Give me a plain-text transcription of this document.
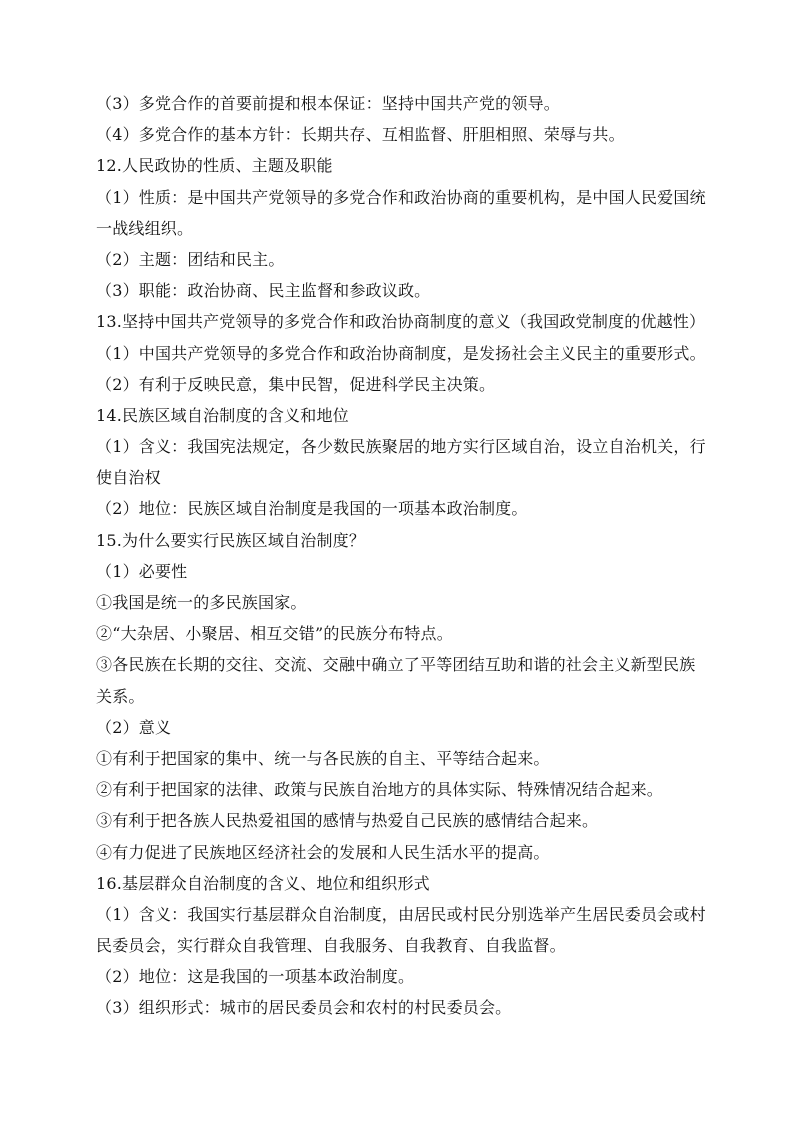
（3）多党合作的首要前提和根本保证：坚持中国共产党的领导。
（4）多党合作的基本方针：长期共存、互相监督、肝胆相照、荣辱与共。
12.人民政协的性质、主题及职能
（1）性质：是中国共产党领导的多党合作和政治协商的重要机构，是中国人民爱国统
一战线组织。
（2）主题：团结和民主。
（3）职能：政治协商、民主监督和参政议政。
13.坚持中国共产党领导的多党合作和政治协商制度的意义（我国政党制度的优越性）
（1）中国共产党领导的多党合作和政治协商制度，是发扬社会主义民主的重要形式。
（2）有利于反映民意，集中民智，促进科学民主决策。
14.民族区域自治制度的含义和地位
（1）含义：我国宪法规定，各少数民族聚居的地方实行区域自治，设立自治机关，行
使自治权
（2）地位：民族区域自治制度是我国的一项基本政治制度。
15.为什么要实行民族区域自治制度？
（1）必要性
①我国是统一的多民族国家。
②“大杂居、小聚居、相互交错”的民族分布特点。
③各民族在长期的交往、交流、交融中确立了平等团结互助和谐的社会主义新型民族
关系。
（2）意义
①有利于把国家的集中、统一与各民族的自主、平等结合起来。
②有利于把国家的法律、政策与民族自治地方的具体实际、特殊情况结合起来。
③有利于把各族人民热爱祖国的感情与热爱自己民族的感情结合起来。
④有力促进了民族地区经济社会的发展和人民生活水平的提高。
16.基层群众自治制度的含义、地位和组织形式
（1）含义：我国实行基层群众自治制度，由居民或村民分别选举产生居民委员会或村
民委员会，实行群众自我管理、自我服务、自我教育、自我监督。
（2）地位：这是我国的一项基本政治制度。
（3）组织形式：城市的居民委员会和农村的村民委员会。
